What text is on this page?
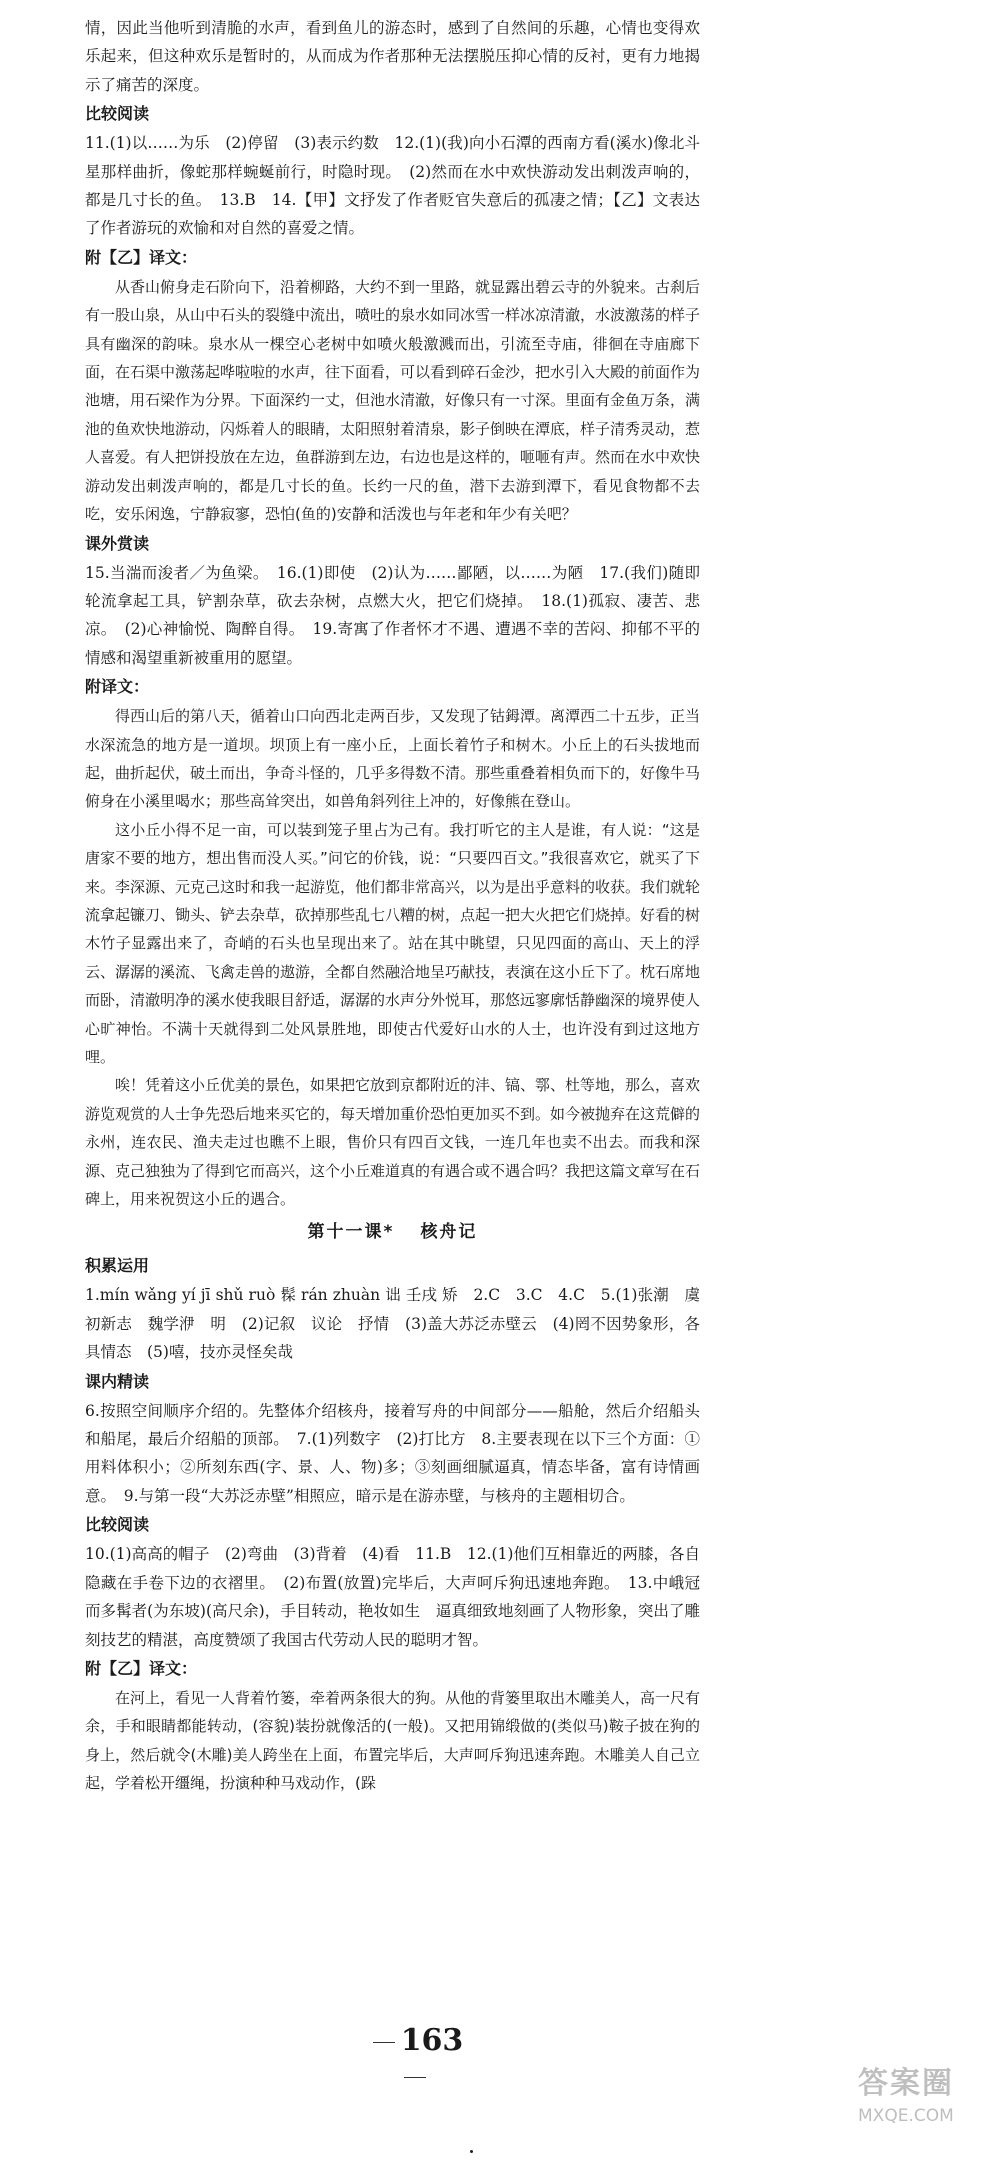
情，因此当他听到清脆的水声，看到鱼儿的游态时，感到了自然间的乐趣，心情也变得欢乐起来，但这种欢乐是暂时的，从而成为作者那种无法摆脱压抑心情的反衬，更有力地揭示了痛苦的深度。

比较阅读

11.(1)以……为乐　(2)停留　(3)表示约数　12.(1)(我)向小石潭的西南方看(溪水)像北斗星那样曲折，像蛇那样蜿蜒前行，时隐时现。　(2)然而在水中欢快游动发出刺泼声响的，都是几寸长的鱼。　13.B　14.【甲】文抒发了作者贬官失意后的孤凄之情；【乙】文表达了作者游玩的欢愉和对自然的喜爱之情。

附【乙】译文：

从香山俯身走石阶向下，沿着柳路，大约不到一里路，就显露出碧云寺的外貌来。古刹后有一股山泉，从山中石头的裂缝中流出，喷吐的泉水如同冰雪一样冰凉清澈，水波激荡的样子具有幽深的韵味。泉水从一棵空心老树中如喷火般激溅而出，引流至寺庙，徘徊在寺庙廊下面，在石渠中激荡起哗啦啦的水声，往下面看，可以看到碎石金沙，把水引入大殿的前面作为池塘，用石梁作为分界。下面深约一丈，但池水清澈，好像只有一寸深。里面有金鱼万条，满池的鱼欢快地游动，闪烁着人的眼睛，太阳照射着清泉，影子倒映在潭底，样子清秀灵动，惹人喜爱。有人把饼投放在左边，鱼群游到左边，右边也是这样的，咂咂有声。然而在水中欢快游动发出刺泼声响的，都是几寸长的鱼。长约一尺的鱼，潜下去游到潭下，看见食物都不去吃，安乐闲逸，宁静寂寥，恐怕(鱼的)安静和活泼也与年老和年少有关吧？

课外赏读

15.当湍而浚者／为鱼梁。　16.(1)即使　(2)认为……鄙陋，以……为陋　17.(我们)随即轮流拿起工具，铲割杂草，砍去杂树，点燃大火，把它们烧掉。　18.(1)孤寂、凄苦、悲凉。　(2)心神愉悦、陶醉自得。　19.寄寓了作者怀才不遇、遭遇不幸的苦闷、抑郁不平的情感和渴望重新被重用的愿望。

附译文：

得西山后的第八天，循着山口向西北走两百步，又发现了钴鉧潭。离潭西二十五步，正当水深流急的地方是一道坝。坝顶上有一座小丘，上面长着竹子和树木。小丘上的石头拔地而起，曲折起伏，破土而出，争奇斗怪的，几乎多得数不清。那些重叠着相负而下的，好像牛马俯身在小溪里喝水；那些高耸突出，如兽角斜列往上冲的，好像熊在登山。

这小丘小得不足一亩，可以装到笼子里占为己有。我打听它的主人是谁，有人说：“这是唐家不要的地方，想出售而没人买。”问它的价钱，说：“只要四百文。”我很喜欢它，就买了下来。李深源、元克己这时和我一起游览，他们都非常高兴，以为是出乎意料的收获。我们就轮流拿起镰刀、锄头、铲去杂草，砍掉那些乱七八糟的树，点起一把大火把它们烧掉。好看的树木竹子显露出来了，奇峭的石头也呈现出来了。站在其中眺望，只见四面的高山、天上的浮云、潺潺的溪流、飞禽走兽的遨游，全都自然融洽地呈巧献技，表演在这小丘下了。枕石席地而卧，清澈明净的溪水使我眼目舒适，潺潺的水声分外悦耳，那悠远寥廓恬静幽深的境界使人心旷神怡。不满十天就得到二处风景胜地，即使古代爱好山水的人士，也许没有到过这地方哩。

唉！凭着这小丘优美的景色，如果把它放到京都附近的沣、镐、鄠、杜等地，那么，喜欢游览观赏的人士争先恐后地来买它的，每天增加重价恐怕更加买不到。如今被抛弃在这荒僻的永州，连农民、渔夫走过也瞧不上眼，售价只有四百文钱，一连几年也卖不出去。而我和深源、克己独独为了得到它而高兴，这个小丘难道真的有遇合或不遇合吗？我把这篇文章写在石碑上，用来祝贺这小丘的遇合。

第十一课* 核舟记

积累运用

1.mín wǎng yí jī shǔ ruò 髹 rán zhuàn 诎 壬戌 矫　2.C　3.C　4.C　5.(1)张潮　虞初新志　魏学洢　明　(2)记叙　议论　抒情　(3)盖大苏泛赤壁云　(4)罔不因势象形，各具情态　(5)嘻，技亦灵怪矣哉

课内精读

6.按照空间顺序介绍的。先整体介绍核舟，接着写舟的中间部分——船舱，然后介绍船头和船尾，最后介绍船的顶部。　7.(1)列数字　(2)打比方　8.主要表现在以下三个方面：①用料体积小；②所刻东西(字、景、人、物)多；③刻画细腻逼真，情态毕备，富有诗情画意。　9.与第一段“大苏泛赤壁”相照应，暗示是在游赤壁，与核舟的主题相切合。

比较阅读

10.(1)高高的帽子　(2)弯曲　(3)背着　(4)看　11.B　12.(1)他们互相靠近的两膝，各自隐藏在手卷下边的衣褶里。　(2)布置(放置)完毕后，大声呵斥狗迅速地奔跑。　13.中峨冠而多髯者(为东坡)(高尺余)，手目转动，艳妆如生　逼真细致地刻画了人物形象，突出了雕刻技艺的精湛，高度赞颂了我国古代劳动人民的聪明才智。

附【乙】译文：

在河上，看见一人背着竹篓，牵着两条很大的狗。从他的背篓里取出木雕美人，高一尺有余，手和眼睛都能转动，(容貌)装扮就像活的(一般)。又把用锦缎做的(类似马)鞍子披在狗的身上，然后就令(木雕)美人跨坐在上面，布置完毕后，大声呵斥狗迅速奔跑。木雕美人自己立起，学着松开缰绳，扮演种种马戏动作，(跺

163
答案圈
MXQE.COM
